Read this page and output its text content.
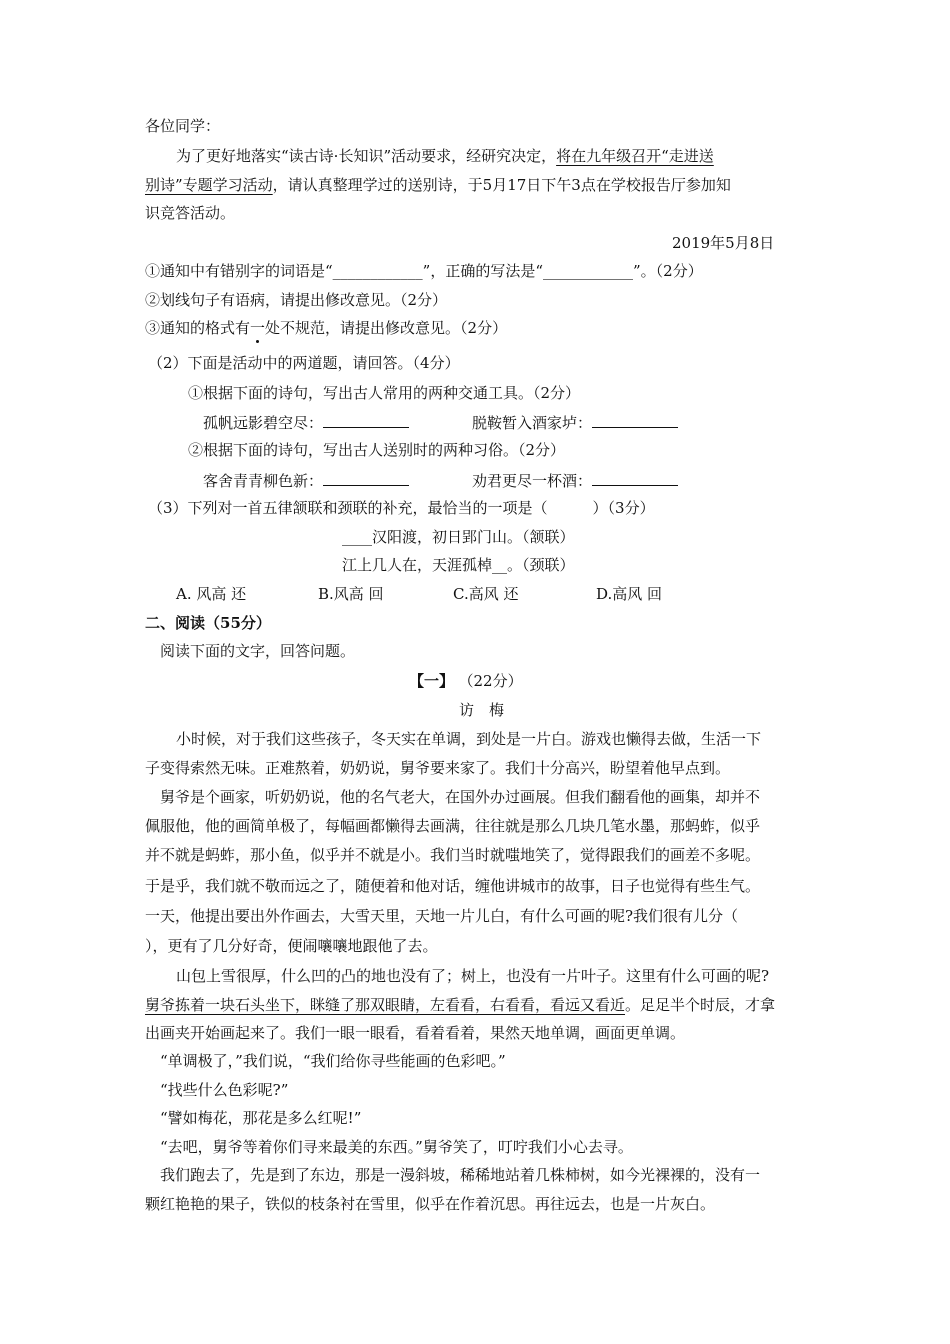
各位同学：
为了更好地落实“读古诗·长知识”活动要求，经研究决定，将在九年级召开“走进送
别诗”专题学习活动，请认真整理学过的送别诗，于5月17日下午3点在学校报告厅参加知
识竞答活动。
2019年5月8日
①通知中有错别字的词语是“____________”，正确的写法是“____________”。（2分）
②划线句子有语病，请提出修改意见。（2分）
③通知的格式有一处不规范，请提出修改意见。（2分）
（2）下面是活动中的两道题，请回答。（4分）
①根据下面的诗句，写出古人常用的两种交通工具。（2分）
孤帆远影碧空尽：	脱鞍暂入酒家垆：
②根据下面的诗句，写出古人送别时的两种习俗。（2分）
客舍青青柳色新：	劝君更尽一杯酒：
（3）下列对一首五律颔联和颈联的补充，最恰当的一项是（　　　）（3分）
____汉阳渡，初日郢门山。（颔联）
江上几人在，天涯孤棹__。（颈联）
A. 风高 还	B.风高 回	C.高风 还	D.高风 回
二、阅读（55分）
阅读下面的文字，回答问题。
【一】 （22分）
访　梅
小时候，对于我们这些孩子，冬天实在单调，到处是一片白。游戏也懒得去做，生活一下
子变得索然无味。正难熬着，奶奶说，舅爷要来家了。我们十分高兴，盼望着他早点到。
舅爷是个画家，听奶奶说，他的名气老大，在国外办过画展。但我们翻看他的画集，却并不
佩服他，他的画简单极了，每幅画都懒得去画满，往往就是那么几块几笔水墨，那蚂蚱，似乎
并不就是蚂蚱，那小鱼，似乎并不就是小。我们当时就嗤地笑了，觉得跟我们的画差不多呢。
于是乎，我们就不敬而远之了，随便着和他对话，缠他讲城市的故事，日子也觉得有些生气。
一天，他提出要出外作画去，大雪天里，天地一片儿白，有什么可画的呢?我们很有儿分（
），更有了几分好奇，便闹嚷嚷地跟他了去。
山包上雪很厚，什么凹的凸的地也没有了；树上，也没有一片叶子。这里有什么可画的呢?
舅爷拣着一块石头坐下，眯缝了那双眼睛，左看看，右看看，看远又看近。足足半个时辰，才拿
出画夹开始画起来了。我们一眼一眼看，看着看着，果然天地单调，画面更单调。
“单调极了，”我们说，“我们给你寻些能画的色彩吧。”
“找些什么色彩呢?”
“譬如梅花，那花是多么红呢!”
“去吧，舅爷等着你们寻来最美的东西。”舅爷笑了，叮咛我们小心去寻。
我们跑去了，先是到了东边，那是一漫斜坡，稀稀地站着几株柿树，如今光裸裸的，没有一
颗红艳艳的果子，铁似的枝条衬在雪里，似乎在作着沉思。再往远去，也是一片灰白。
